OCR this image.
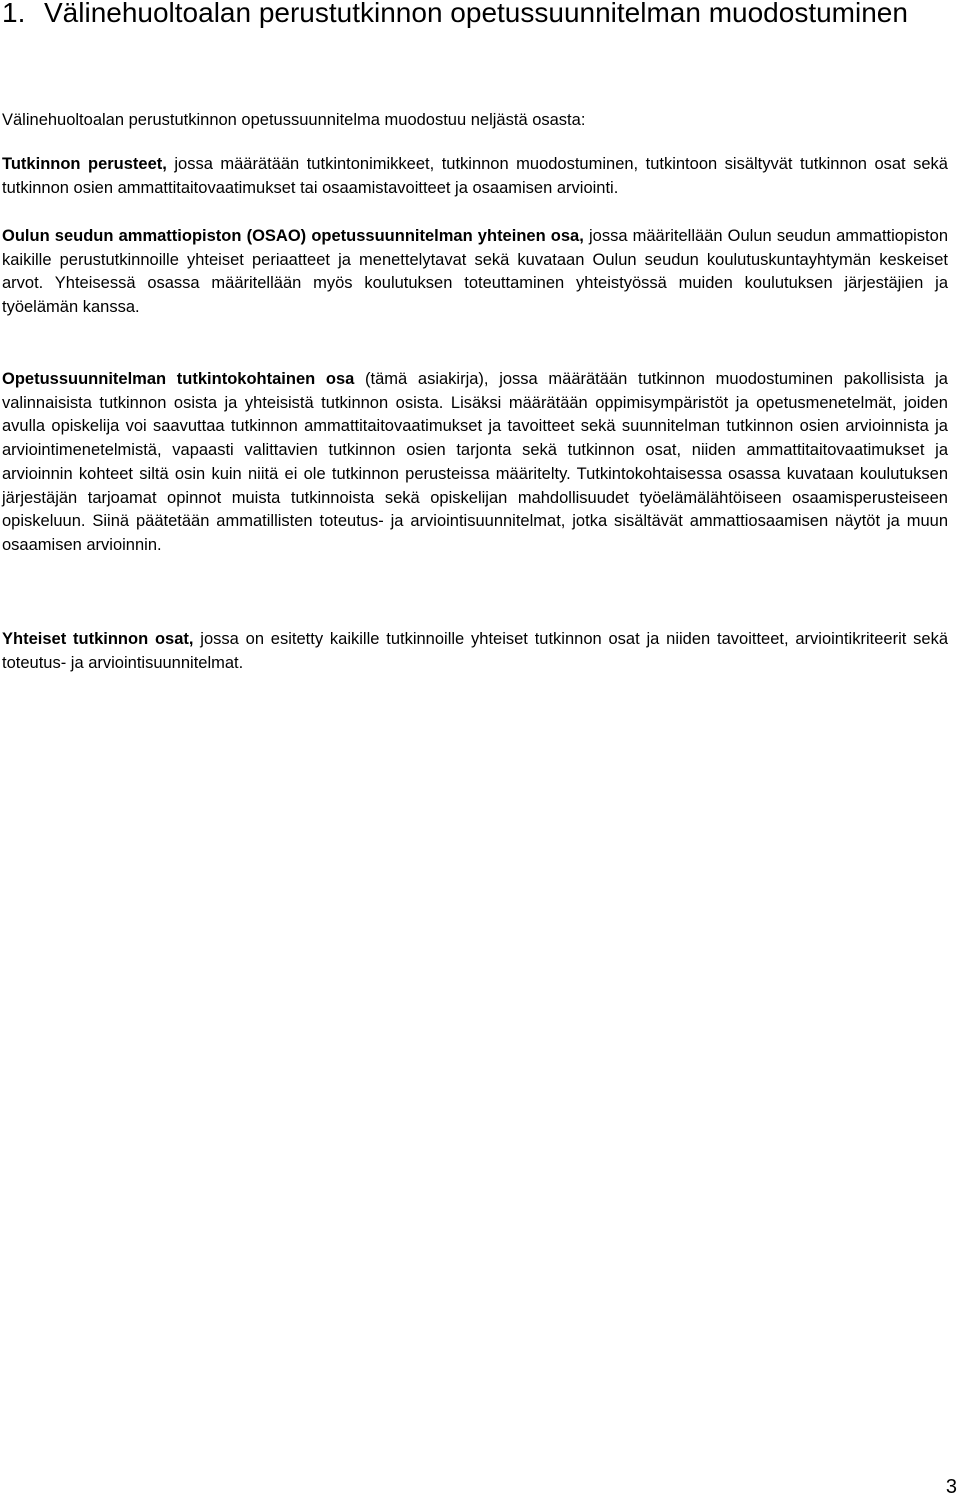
1. Välinehuoltoalan perustutkinnon opetussuunnitelman muodostuminen

Välinehuoltoalan perustutkinnon opetussuunnitelma muodostuu neljästä osasta:

Tutkinnon perusteet, jossa määrätään tutkintonimikkeet, tutkinnon muodostuminen, tutkintoon sisältyvät tutkinnon osat sekä tutkinnon osien ammattitaitovaatimukset tai osaamistavoitteet ja osaamisen arviointi.

Oulun seudun ammattiopiston (OSAO) opetussuunnitelman yhteinen osa, jossa määritellään Oulun seudun ammattiopiston kaikille perustutkinnoille yhteiset periaatteet ja menettelytavat sekä kuvataan Oulun seudun koulutuskuntayhtymän keskeiset arvot. Yhteisessä osassa määritellään myös koulutuksen toteuttaminen yhteistyössä muiden koulutuksen järjestäjien ja työelämän kanssa.

Opetussuunnitelman tutkintokohtainen osa (tämä asiakirja), jossa määrätään tutkinnon muodostuminen pakollisista ja valinnaisista tutkinnon osista ja yhteisistä tutkinnon osista. Lisäksi määrätään oppimisympäristöt ja opetusmenetelmät, joiden avulla opiskelija voi saavuttaa tutkinnon ammattitaitovaatimukset ja tavoitteet sekä suunnitelman tutkinnon osien arvioinnista ja arviointimenetelmistä, vapaasti valittavien tutkinnon osien tarjonta sekä tutkinnon osat, niiden ammattitaitovaatimukset ja arvioinnin kohteet siltä osin kuin niitä ei ole tutkinnon perusteissa määritelty. Tutkintokohtaisessa osassa kuvataan koulutuksen järjestäjän tarjoamat opinnot muista tutkinnoista sekä opiskelijan mahdollisuudet työelämälähtöiseen osaamisperusteiseen opiskeluun. Siinä päätetään ammatillisten toteutus- ja arviointisuunnitelmat, jotka sisältävät ammattiosaamisen näytöt ja muun osaamisen arvioinnin.

Yhteiset tutkinnon osat, jossa on esitetty kaikille tutkinnoille yhteiset tutkinnon osat ja niiden tavoitteet, arviointikriteerit sekä toteutus- ja arviointisuunnitelmat.

3
